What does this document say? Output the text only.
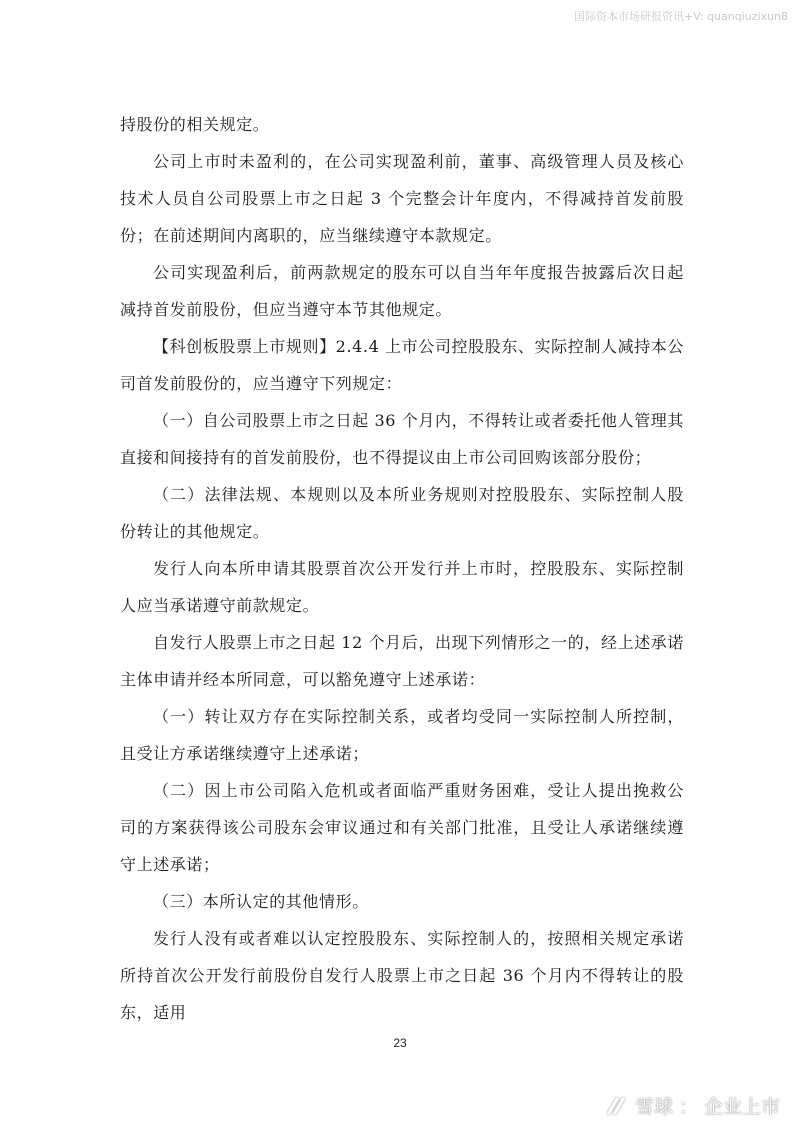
国际资本市场研报资讯+V: quanqiuzixun8

持股份的相关规定。

公司上市时未盈利的，在公司实现盈利前，董事、高级管理人员及核心技术人员自公司股票上市之日起 3 个完整会计年度内，不得减持首发前股份；在前述期间内离职的，应当继续遵守本款规定。

公司实现盈利后，前两款规定的股东可以自当年年度报告披露后次日起减持首发前股份，但应当遵守本节其他规定。

【科创板股票上市规则】2.4.4 上市公司控股股东、实际控制人减持本公司首发前股份的，应当遵守下列规定：

（一）自公司股票上市之日起 36 个月内，不得转让或者委托他人管理其直接和间接持有的首发前股份，也不得提议由上市公司回购该部分股份；

（二）法律法规、本规则以及本所业务规则对控股股东、实际控制人股份转让的其他规定。

发行人向本所申请其股票首次公开发行并上市时，控股股东、实际控制人应当承诺遵守前款规定。

自发行人股票上市之日起 12 个月后，出现下列情形之一的，经上述承诺主体申请并经本所同意，可以豁免遵守上述承诺：

（一）转让双方存在实际控制关系，或者均受同一实际控制人所控制，且受让方承诺继续遵守上述承诺；

（二）因上市公司陷入危机或者面临严重财务困难，受让人提出挽救公司的方案获得该公司股东会审议通过和有关部门批准，且受让人承诺继续遵守上述承诺；

（三）本所认定的其他情形。

发行人没有或者难以认定控股股东、实际控制人的，按照相关规定承诺所持首次公开发行前股份自发行人股票上市之日起 36 个月内不得转让的股东，适用

23
雪球 ： 企业上市
